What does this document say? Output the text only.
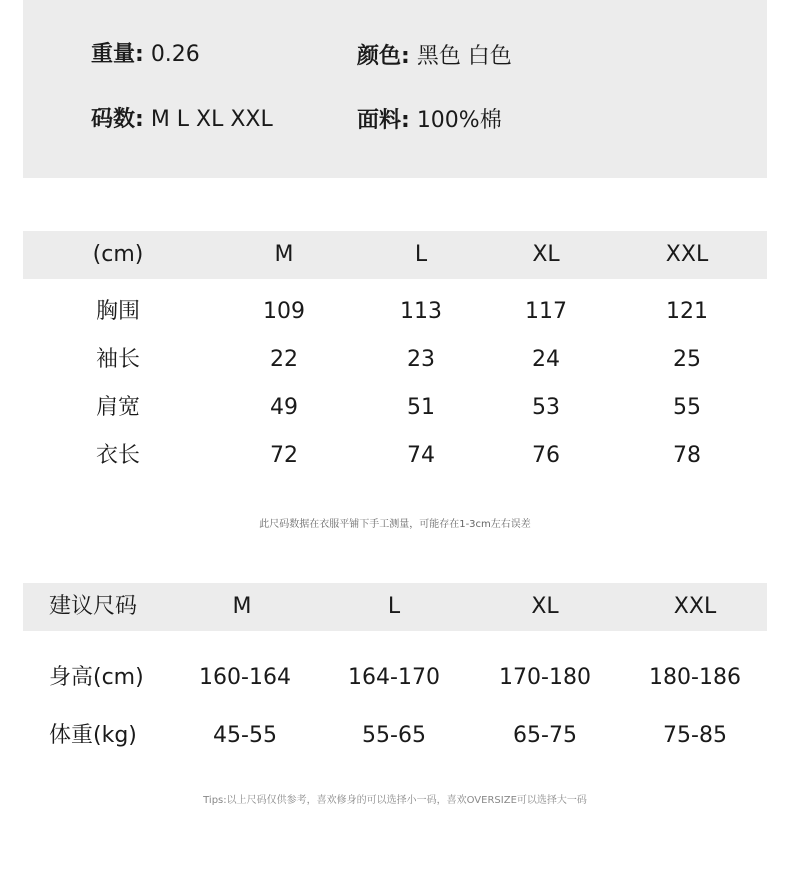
重量: 0.26	颜色: 黑色 白色
码数: M L XL XXL	面料: 100%棉
(cm)	M	L	XL	XXL
胸围	109	113	117	121
袖长	22	23	24	25
肩宽	49	51	53	55
衣长	72	74	76	78
此尺码数据在衣服平铺下手工测量，可能存在1-3cm左右误差
建议尺码	M	L	XL	XXL
身高(cm)	160-164	164-170	170-180	180-186
体重(kg)	45-55	55-65	65-75	75-85
Tips:以上尺码仅供参考，喜欢修身的可以选择小一码，喜欢OVERSIZE可以选择大一码
